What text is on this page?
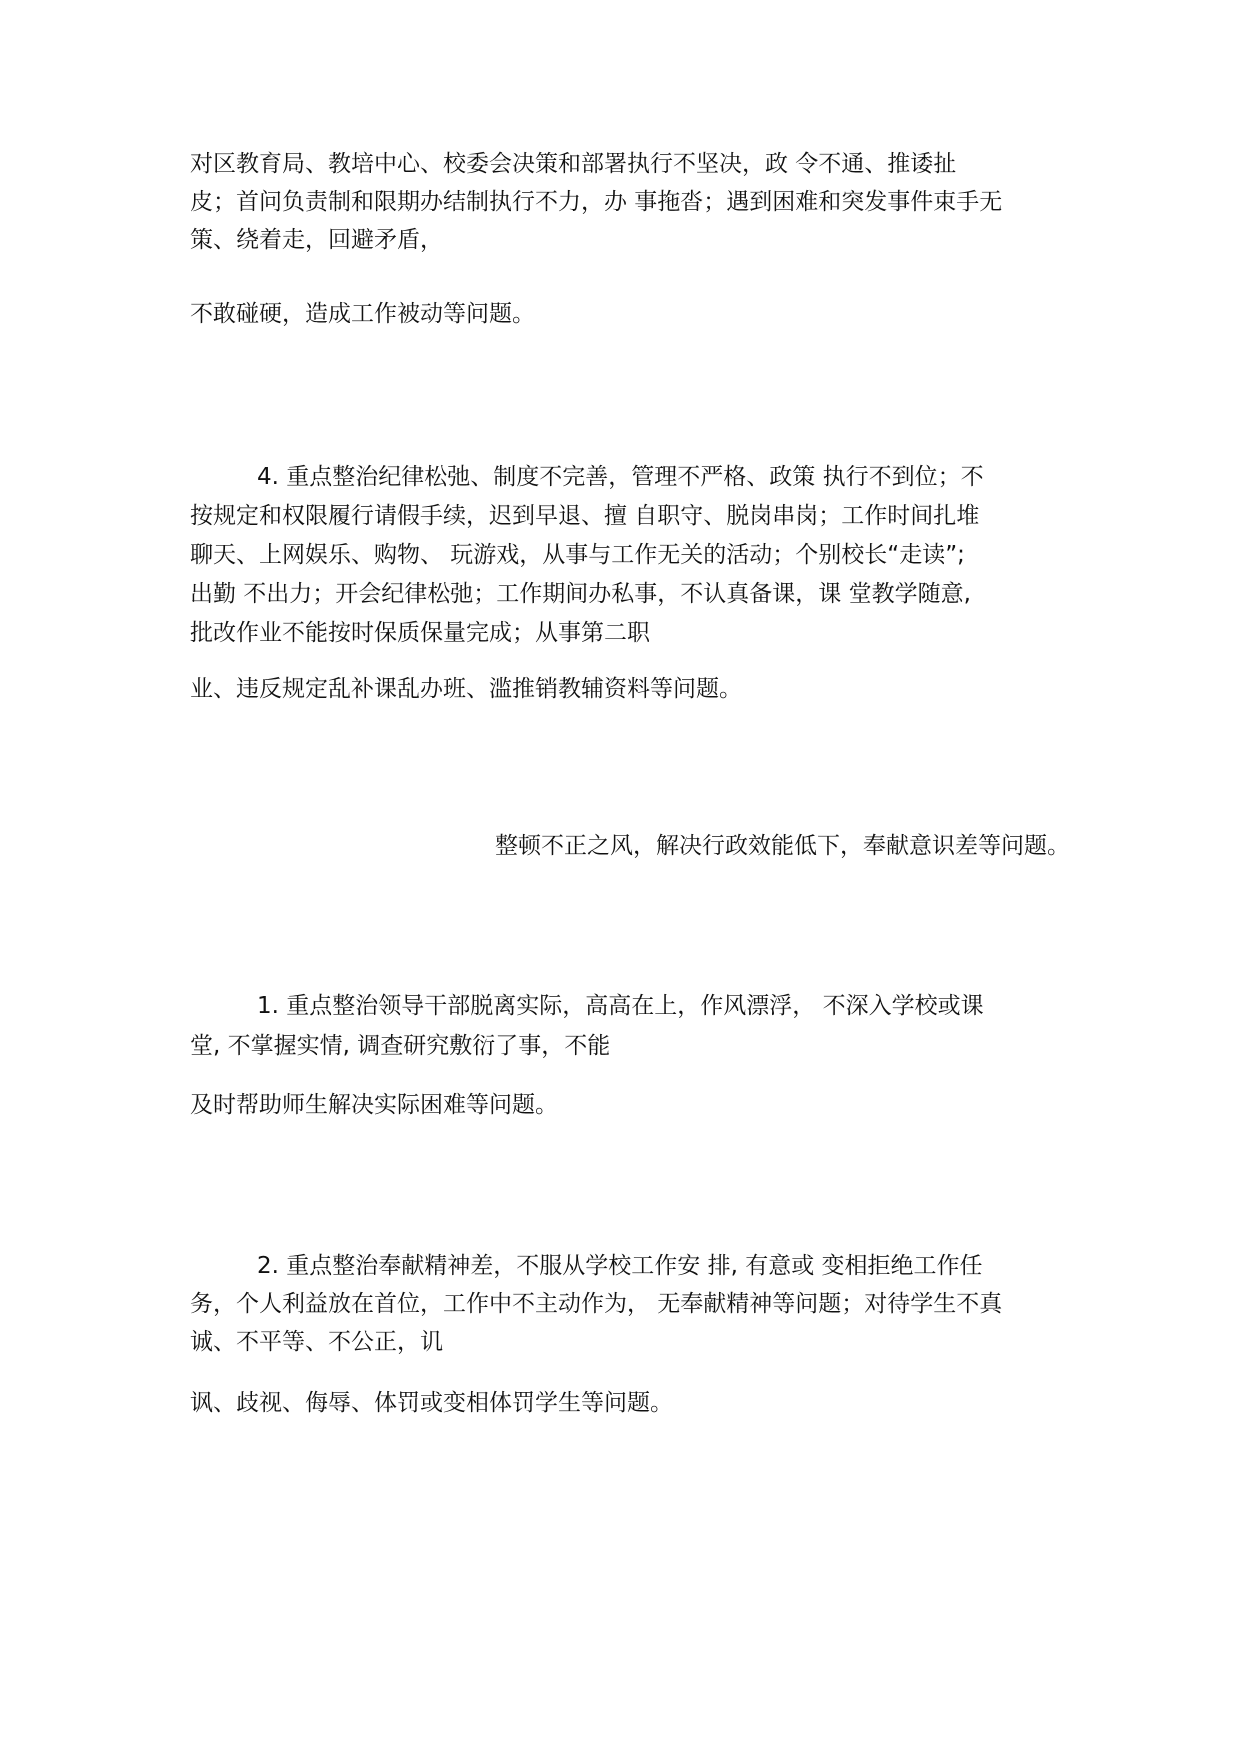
对区教育局、教培中心、校委会决策和部署执行不坚决，政 令不通、推诿扯
皮；首问负责制和限期办结制执行不力，办 事拖沓；遇到困难和突发事件束手无
策、绕着走，回避矛盾，
不敢碰硬，造成工作被动等问题。
4. 重点整治纪律松弛、制度不完善，管理不严格、政策 执行不到位；不
按规定和权限履行请假手续，迟到早退、擅 自职守、脱岗串岗；工作时间扎堆
聊天、上网娱乐、购物、 玩游戏，从事与工作无关的活动；个别校长“走读”;
出勤 不出力；开会纪律松弛；工作期间办私事，不认真备课，课 堂教学随意,
批改作业不能按时保质保量完成；从事第二职
业、违反规定乱补课乱办班、滥推销教辅资料等问题。
整顿不正之风，解决行政效能低下，奉献意识差等问题。
1. 重点整治领导干部脱离实际，高高在上，作风漂浮， 不深入学校或课
堂, 不掌握实情, 调查研究敷衍了事，不能
及时帮助师生解决实际困难等问题。
2. 重点整治奉献精神差，不服从学校工作安 排, 有意或 变相拒绝工作任
务，个人利益放在首位，工作中不主动作为， 无奉献精神等问题；对待学生不真
诚、不平等、不公正，讥
讽、歧视、侮辱、体罚或变相体罚学生等问题。
